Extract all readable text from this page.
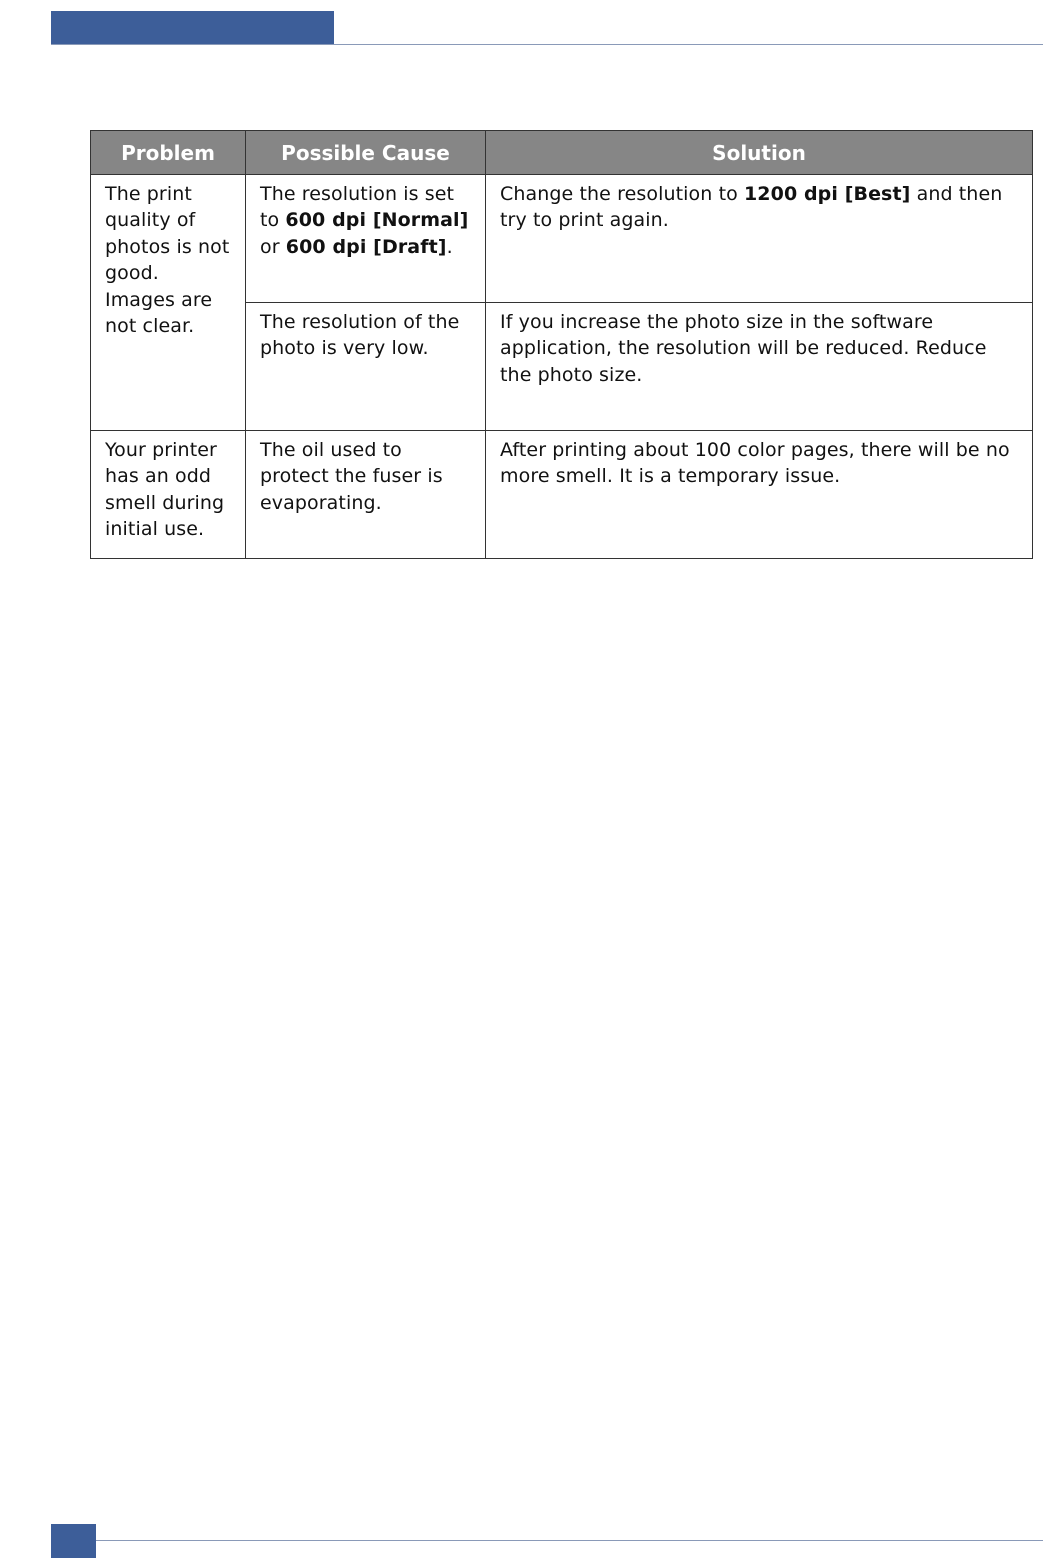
Problem	Possible Cause	Solution
The print quality of photos is not good. Images are not clear.	The resolution is set to 600 dpi [Normal] or 600 dpi [Draft].	Change the resolution to 1200 dpi [Best] and then try to print again.
	The resolution of the photo is very low.	If you increase the photo size in the software application, the resolution will be reduced. Reduce the photo size.
Your printer has an odd smell during initial use.	The oil used to protect the fuser is evaporating.	After printing about 100 color pages, there will be no more smell. It is a temporary issue.
